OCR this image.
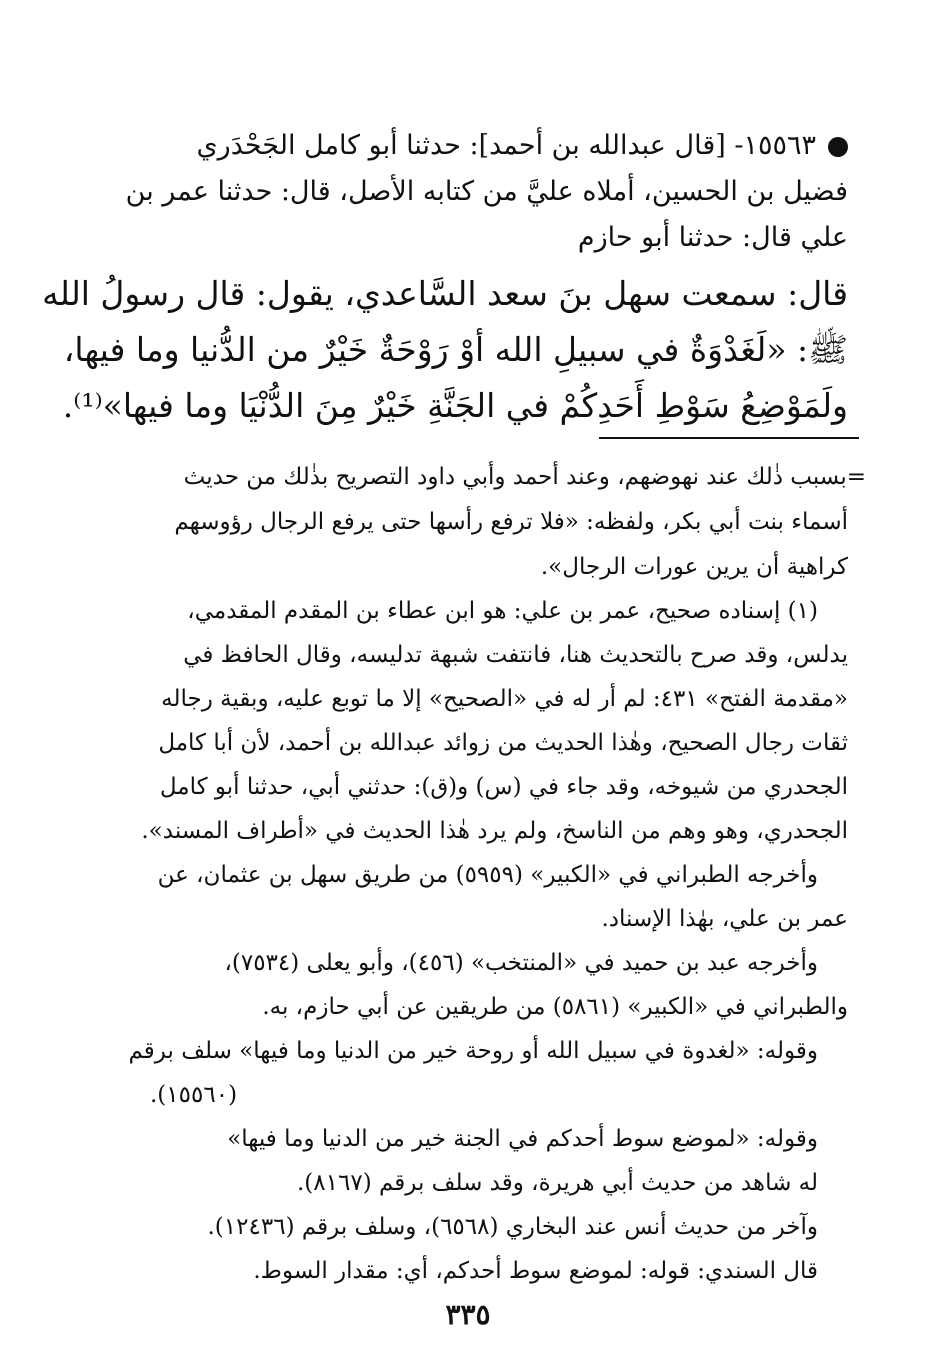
١٥٥٦٣- [قال عبدالله بن أحمد]: حدثنا أبو كامل الجَحْدَري
فضيل بن الحسين، أملاه عليَّ من كتابه الأصل، قال: حدثنا عمر بن
علي قال: حدثنا أبو حازم
قال: سمعت سهل بنَ سعد السَّاعدي، يقول: قال رسولُ الله
ﷺ: «لَغَدْوَةٌ في سبيلِ الله أوْ رَوْحَةٌ خَيْرٌ من الدُّنيا وما فيها،
ولَمَوْضِعُ سَوْطِ أَحَدِكُمْ في الجَنَّةِ خَيْرٌ مِنَ الدُّنْيَا وما فيها»⁽¹⁾.
=بسبب ذٰلك عند نهوضهم، وعند أحمد وأبي داود التصريح بذٰلك من حديث
أسماء بنت أبي بكر، ولفظه: «فلا ترفع رأسها حتى يرفع الرجال رؤوسهم
كراهية أن يرين عورات الرجال».
(١) إسناده صحيح، عمر بن علي: هو ابن عطاء بن المقدم المقدمي،
يدلس، وقد صرح بالتحديث هنا، فانتفت شبهة تدليسه، وقال الحافظ في
«مقدمة الفتح» ٤٣١: لم أر له في «الصحيح» إلا ما توبع عليه، وبقية رجاله
ثقات رجال الصحيح، وهٰذا الحديث من زوائد عبدالله بن أحمد، لأن أبا كامل
الجحدري من شيوخه، وقد جاء في (س) و(ق): حدثني أبي، حدثنا أبو كامل
الجحدري، وهو وهم من الناسخ، ولم يرد هٰذا الحديث في «أطراف المسند».
وأخرجه الطبراني في «الكبير» (٥٩٥٩) من طريق سهل بن عثمان، عن
عمر بن علي، بهٰذا الإسناد.
وأخرجه عبد بن حميد في «المنتخب» (٤٥٦)، وأبو يعلى (٧٥٣٤)،
والطبراني في «الكبير» (٥٨٦١) من طريقين عن أبي حازم، به.
وقوله: «لغدوة في سبيل الله أو روحة خير من الدنيا وما فيها» سلف برقم
.(١٥٥٦٠)
وقوله: «لموضع سوط أحدكم في الجنة خير من الدنيا وما فيها»
له شاهد من حديث أبي هريرة، وقد سلف برقم (٨١٦٧).
وآخر من حديث أنس عند البخاري (٦٥٦٨)، وسلف برقم (١٢٤٣٦).
قال السندي: قوله: لموضع سوط أحدكم، أي: مقدار السوط.
٣٣٥
